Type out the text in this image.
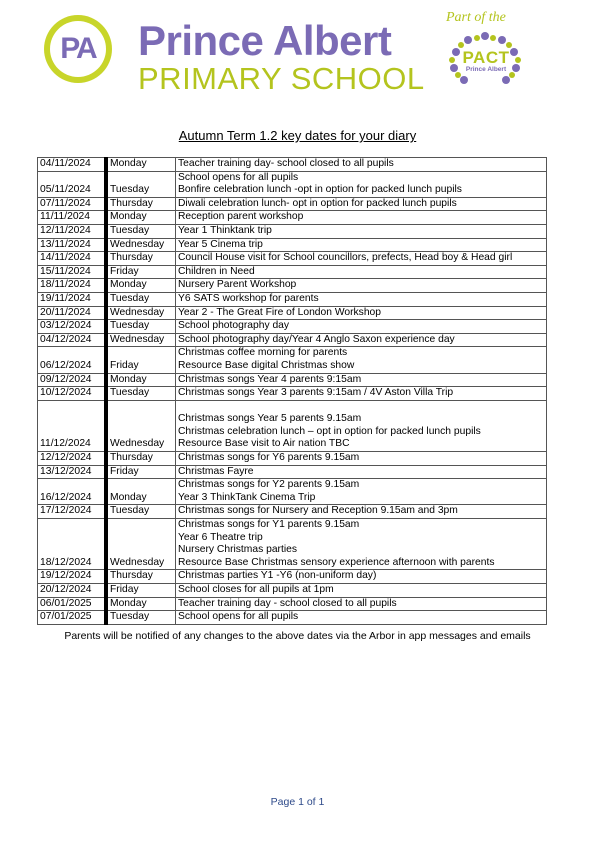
PA Prince Albert
PRIMARY SCHOOL
Part of the
PACT
Prince Albert
Autumn Term 1.2 key dates for your diary
04/11/2024	Monday	Teacher training day- school closed to all pupils

05/11/2024	Tuesday	School opens for all pupils
Bonfire celebration lunch -opt in option for packed lunch pupils

07/11/2024	Thursday	Diwali celebration lunch- opt in option for packed lunch pupils

11/11/2024	Monday	Reception parent workshop

12/11/2024	Tuesday	Year 1 Thinktank trip

13/11/2024	Wednesday	Year 5 Cinema trip

14/11/2024	Thursday	Council House visit for School councillors, prefects, Head boy & Head girl

15/11/2024	Friday	Children in Need

18/11/2024	Monday	Nursery Parent Workshop

19/11/2024	Tuesday	Y6 SATS workshop for parents

20/11/2024	Wednesday	Year 2 - The Great Fire of London Workshop

03/12/2024	Tuesday	School photography day

04/12/2024	Wednesday	School photography day/Year 4 Anglo Saxon experience day

06/12/2024	Friday	Christmas coffee morning for parents
Resource Base digital Christmas show

09/12/2024	Monday	Christmas songs Year 4 parents 9:15am

10/12/2024	Tuesday	Christmas songs Year 3 parents 9:15am / 4V Aston Villa Trip

11/12/2024	Wednesday	Christmas songs Year 5 parents 9.15am
Christmas celebration lunch – opt in option for packed lunch pupils
Resource Base visit to Air nation TBC

12/12/2024	Thursday	Christmas songs for Y6 parents 9.15am

13/12/2024	Friday	Christmas Fayre

16/12/2024	Monday	Christmas songs for Y2 parents 9.15am
Year 3 ThinkTank Cinema Trip

17/12/2024	Tuesday	Christmas songs for Nursery and Reception 9.15am and 3pm

18/12/2024	Wednesday	Christmas songs for Y1 parents 9.15am
Year 6 Theatre trip
Nursery Christmas parties
Resource Base Christmas sensory experience afternoon with parents

19/12/2024	Thursday	Christmas parties Y1 -Y6 (non-uniform day)

20/12/2024	Friday	School closes for all pupils at 1pm

06/01/2025	Monday	Teacher training day - school closed to all pupils

07/01/2025	Tuesday	School opens for all pupils
Parents will be notified of any changes to the above dates via the Arbor in app messages and emails
Page 1 of 1
